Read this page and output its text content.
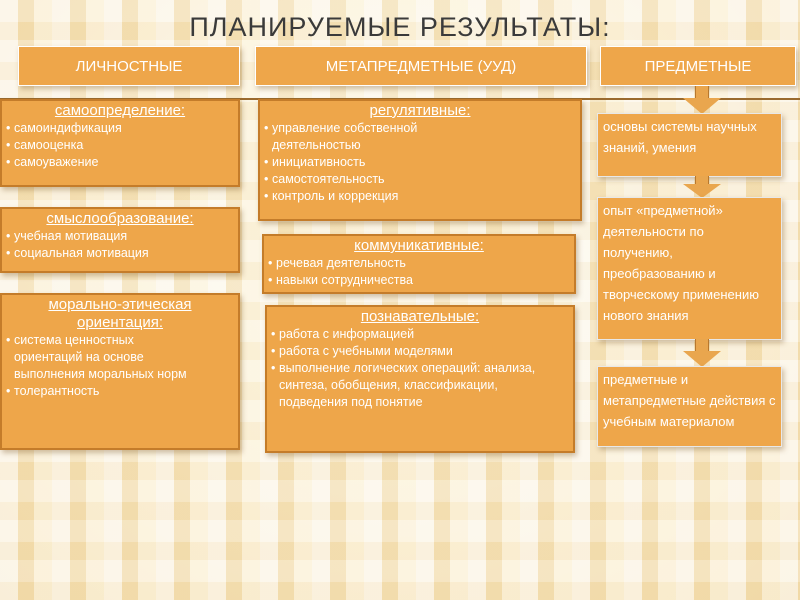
ПЛАНИРУЕМЫЕ РЕЗУЛЬТАТЫ:
ЛИЧНОСТНЫЕ	МЕТАПРЕДМЕТНЫЕ (УУД)	ПРЕДМЕТНЫЕ
самоопределение:
• самоиндификация
• самооценка
• самоуважение
смыслообразование:
• учебная мотивация
• социальная мотивация
морально-этическая ориентация:
• система ценностных ориентаций на основе выполнения моральных норм
• толерантность
регулятивные:
• управление собственной деятельностью
• инициативность
• самостоятельность
• контроль и коррекция
коммуникативные:
• речевая деятельность
• навыки сотрудничества
познавательные:
• работа с информацией
• работа с учебными моделями
• выполнение логических операций: анализа, синтеза, обобщения, классификации, подведения под понятие
основы системы научных знаний, умения
опыт «предметной» деятельности по получению, преобразованию и творческому применению нового знания
предметные и метапредметные действия с учебным материалом
